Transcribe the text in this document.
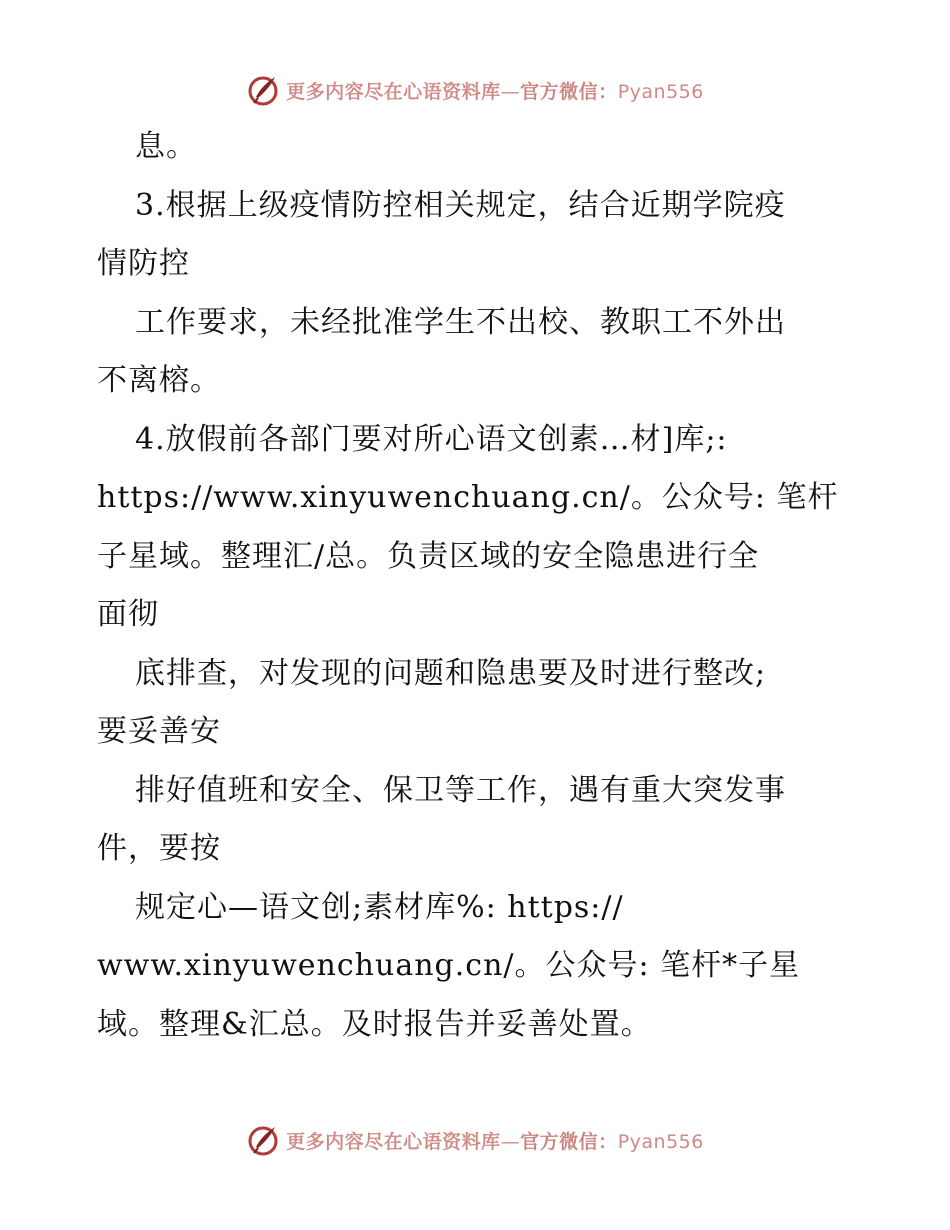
更多内容尽在心语资料库—官方微信：Pyan556
息。
3.根据上级疫情防控相关规定，结合近期学院疫
情防控
工作要求，未经批准学生不出校、教职工不外出
不离榕。
4.放假前各部门要对所心语文创素…材]库;:
https://www.xinyuwenchuang.cn/。公众号: 笔杆
子星域。整理汇/总。负责区域的安全隐患进行全
面彻
底排查，对发现的问题和隐患要及时进行整改;
要妥善安
排好值班和安全、保卫等工作，遇有重大突发事
件，要按
规定心—语文创;素材库%: https://
www.xinyuwenchuang.cn/。公众号: 笔杆*子星
域。整理&汇总。及时报告并妥善处置。
更多内容尽在心语资料库—官方微信：Pyan556
